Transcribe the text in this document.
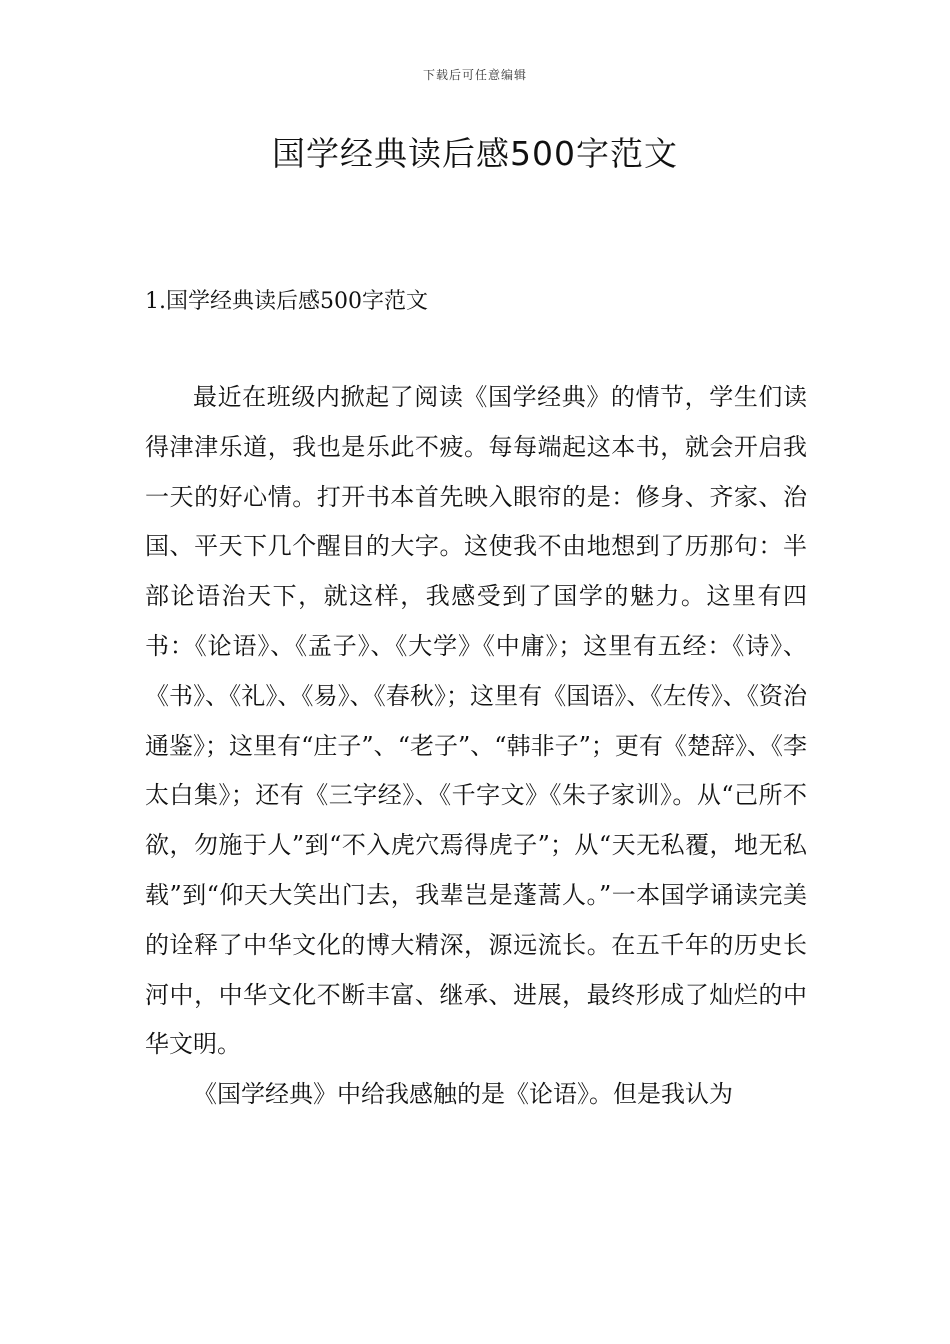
下载后可任意编辑
国学经典读后感500字范文
1.国学经典读后感500字范文

最近在班级内掀起了阅读《国学经典》的情节，学生们读得津津乐道，我也是乐此不疲。每每端起这本书，就会开启我一天的好心情。打开书本首先映入眼帘的是：修身、齐家、治国、平天下几个醒目的大字。这使我不由地想到了历那句：半部论语治天下，就这样，我感受到了国学的魅力。这里有四书：《论语》、《孟子》、《大学》《中庸》；这里有五经：《诗》、《书》、《礼》、《易》、《春秋》；这里有《国语》、《左传》、《资治通鉴》；这里有“庄子”、“老子”、“韩非子”；更有《楚辞》、《李太白集》；还有《三字经》、《千字文》《朱子家训》。从“己所不欲，勿施于人”到“不入虎穴焉得虎子”；从“天无私覆，地无私载”到“仰天大笑出门去，我辈岂是蓬蒿人。”一本国学诵读完美的诠释了中华文化的博大精深，源远流长。在五千年的历史长河中，中华文化不断丰富、继承、进展，最终形成了灿烂的中华文明。

《国学经典》中给我感触的是《论语》。但是我认为
